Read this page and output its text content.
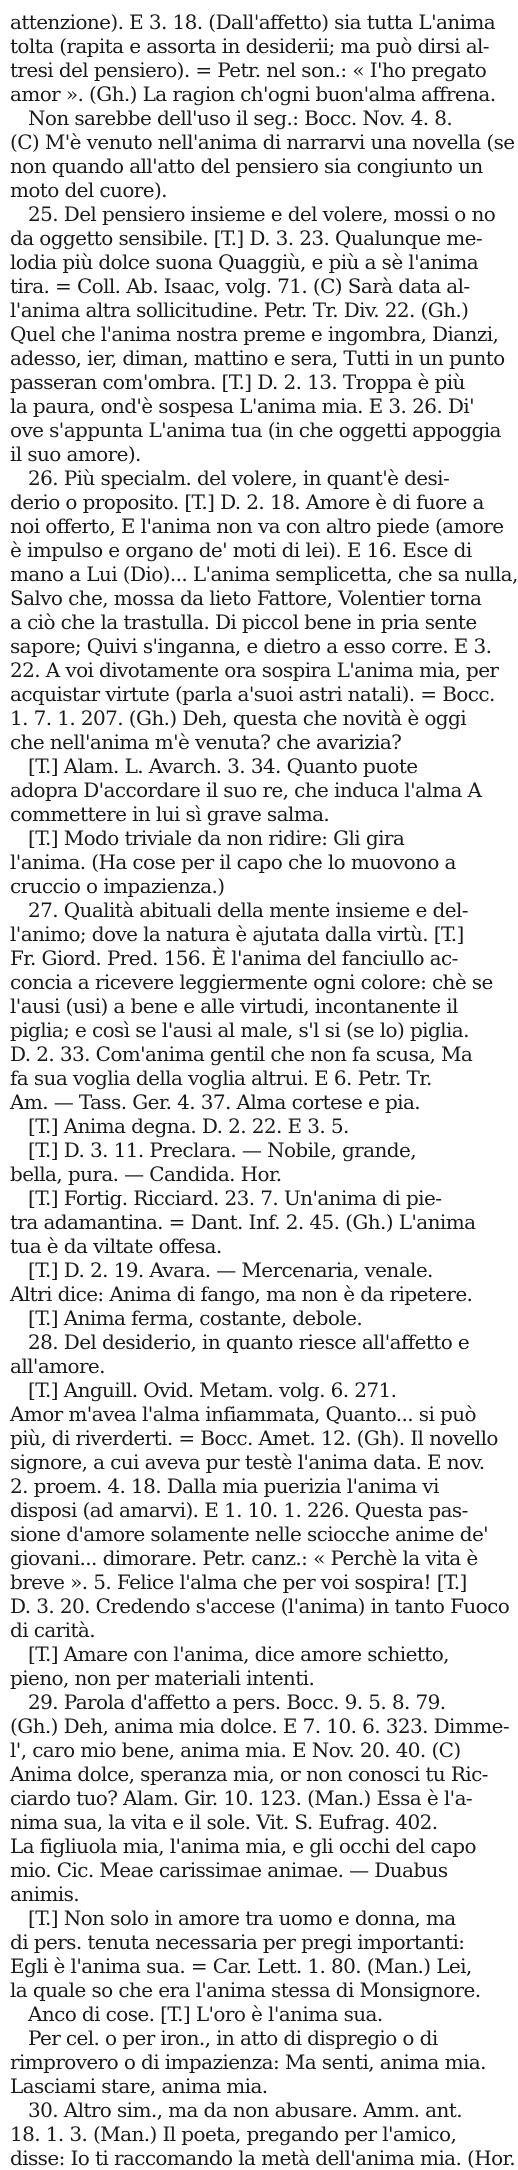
attenzione). E 3. 18. (Dall'affetto) sia tutta L'anima
tolta (rapita e assorta in desiderii; ma può dirsi al-
tresi del pensiero). = Petr. nel son.: « I'ho pregato
amor ». (Gh.) La ragion ch'ogni buon'alma affrena.
Non sarebbe dell'uso il seg.: Bocc. Nov. 4. 8.
(C) M'è venuto nell'anima di narrarvi una novella (se
non quando all'atto del pensiero sia congiunto un
moto del cuore).
25. Del pensiero insieme e del volere, mossi o no
da oggetto sensibile. [T.] D. 3. 23. Qualunque me-
lodia più dolce suona Quaggiù, e più a sè l'anima
tira. = Coll. Ab. Isaac, volg. 71. (C) Sarà data al-
l'anima altra sollicitudine. Petr. Tr. Div. 22. (Gh.)
Quel che l'anima nostra preme e ingombra, Dianzi,
adesso, ier, diman, mattino e sera, Tutti in un punto
passeran com'ombra. [T.] D. 2. 13. Troppa è più
la paura, ond'è sospesa L'anima mia. E 3. 26. Di'
ove s'appunta L'anima tua (in che oggetti appoggia
il suo amore).
26. Più specialm. del volere, in quant'è desi-
derio o proposito. [T.] D. 2. 18. Amore è di fuore a
noi offerto, E l'anima non va con altro piede (amore
è impulso e organo de' moti di lei). E 16. Esce di
mano a Lui (Dio)... L'anima semplicetta, che sa nulla,
Salvo che, mossa da lieto Fattore, Volentier torna
a ciò che la trastulla. Di piccol bene in pria sente
sapore; Quivi s'inganna, e dietro a esso corre. E 3.
22. A voi divotamente ora sospira L'anima mia, per
acquistar virtute (parla a'suoi astri natali). = Bocc.
1. 7. 1. 207. (Gh.) Deh, questa che novità è oggi
che nell'anima m'è venuta? che avarizia?
[T.] Alam. L. Avarch. 3. 34. Quanto puote
adopra D'accordare il suo re, che induca l'alma A
commettere in lui sì grave salma.
[T.] Modo triviale da non ridire: Gli gira
l'anima. (Ha cose per il capo che lo muovono a
cruccio o impazienza.)
27. Qualità abituali della mente insieme e del-
l'animo; dove la natura è ajutata dalla virtù. [T.]
Fr. Giord. Pred. 156. È l'anima del fanciullo ac-
concia a ricevere leggiermente ogni colore: chè se
l'ausi (usi) a bene e alle virtudi, incontanente il
piglia; e così se l'ausi al male, s'l si (se lo) piglia.
D. 2. 33. Com'anima gentil che non fa scusa, Ma
fa sua voglia della voglia altrui. E 6. Petr. Tr.
Am. — Tass. Ger. 4. 37. Alma cortese e pia.
[T.] Anima degna. D. 2. 22. E 3. 5.
[T.] D. 3. 11. Preclara. — Nobile, grande,
bella, pura. — Candida. Hor.
[T.] Fortig. Ricciard. 23. 7. Un'anima di pie-
tra adamantina. = Dant. Inf. 2. 45. (Gh.) L'anima
tua è da viltate offesa.
[T.] D. 2. 19. Avara. — Mercenaria, venale.
Altri dice: Anima di fango, ma non è da ripetere.
[T.] Anima ferma, costante, debole.
28. Del desiderio, in quanto riesce all'affetto e
all'amore.
[T.] Anguill. Ovid. Metam. volg. 6. 271.
Amor m'avea l'alma infiammata, Quanto... si può
più, di riverderti. = Bocc. Amet. 12. (Gh). Il novello
signore, a cui aveva pur testè l'anima data. E nov.
2. proem. 4. 18. Dalla mia puerizia l'anima vi
disposi (ad amarvi). E 1. 10. 1. 226. Questa pas-
sione d'amore solamente nelle sciocche anime de'
giovani... dimorare. Petr. canz.: « Perchè la vita è
breve ». 5. Felice l'alma che per voi sospira! [T.]
D. 3. 20. Credendo s'accese (l'anima) in tanto Fuoco
di carità.
[T.] Amare con l'anima, dice amore schietto,
pieno, non per materiali intenti.
29. Parola d'affetto a pers. Bocc. 9. 5. 8. 79.
(Gh.) Deh, anima mia dolce. E 7. 10. 6. 323. Dimme-
l', caro mio bene, anima mia. E Nov. 20. 40. (C)
Anima dolce, speranza mia, or non conosci tu Ric-
ciardo tuo? Alam. Gir. 10. 123. (Man.) Essa è l'a-
nima sua, la vita e il sole. Vit. S. Eufrag. 402.
La figliuola mia, l'anima mia, e gli occhi del capo
mio. Cic. Meae carissimae animae. — Duabus
animis.
[T.] Non solo in amore tra uomo e donna, ma
di pers. tenuta necessaria per pregi importanti:
Egli è l'anima sua. = Car. Lett. 1. 80. (Man.) Lei,
la quale so che era l'anima stessa di Monsignore.
Anco di cose. [T.] L'oro è l'anima sua.
Per cel. o per iron., in atto di dispregio o di
rimprovero o di impazienza: Ma senti, anima mia.
Lasciami stare, anima mia.
30. Altro sim., ma da non abusare. Amm. ant.
18. 1. 3. (Man.) Il poeta, pregando per l'amico,
disse: Io ti raccomando la metà dell'anima mia. (Hor.
